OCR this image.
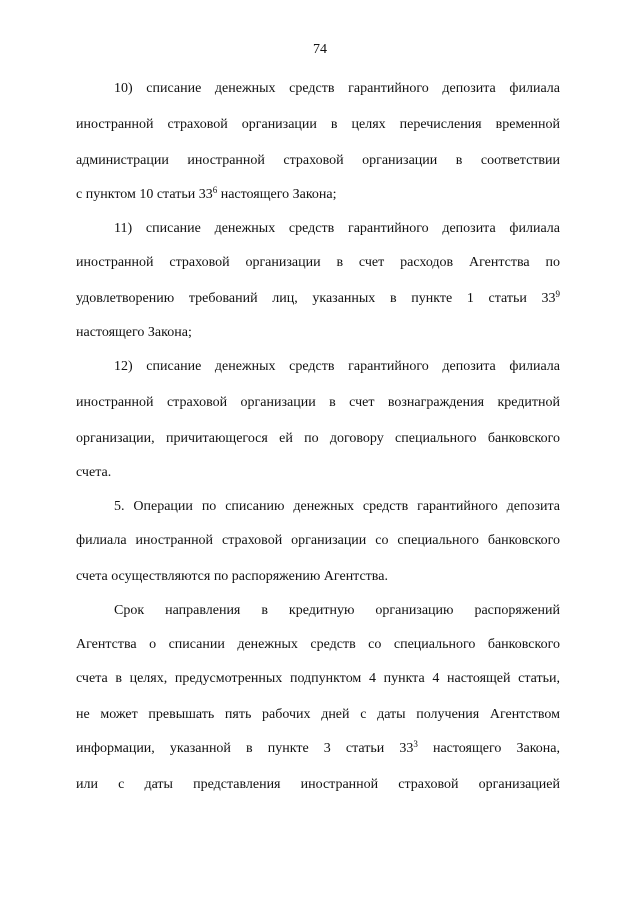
74
10) списание денежных средств гарантийного депозита филиала
иностранной страховой организации в целях перечисления временной
администрации иностранной страховой организации в соответствии
с пунктом 10 статьи $33^6$ настоящего Закона;
11) списание денежных средств гарантийного депозита филиала
иностранной страховой организации в счет расходов Агентства по
удовлетворению требований лиц, указанных в пункте 1 статьи $33^9$
настоящего Закона;
12) списание денежных средств гарантийного депозита филиала
иностранной страховой организации в счет вознаграждения кредитной
организации, причитающегося ей по договору специального банковского
счета.
5. Операции по списанию денежных средств гарантийного депозита
филиала иностранной страховой организации со специального банковского
счета осуществляются по распоряжению Агентства.
Срок направления в кредитную организацию распоряжений
Агентства о списании денежных средств со специального банковского
счета в целях, предусмотренных подпунктом 4 пункта 4 настоящей статьи,
не может превышать пять рабочих дней с даты получения Агентством
информации, указанной в пункте 3 статьи $33^3$ настоящего Закона,
или с даты представления иностранной страховой организацией
